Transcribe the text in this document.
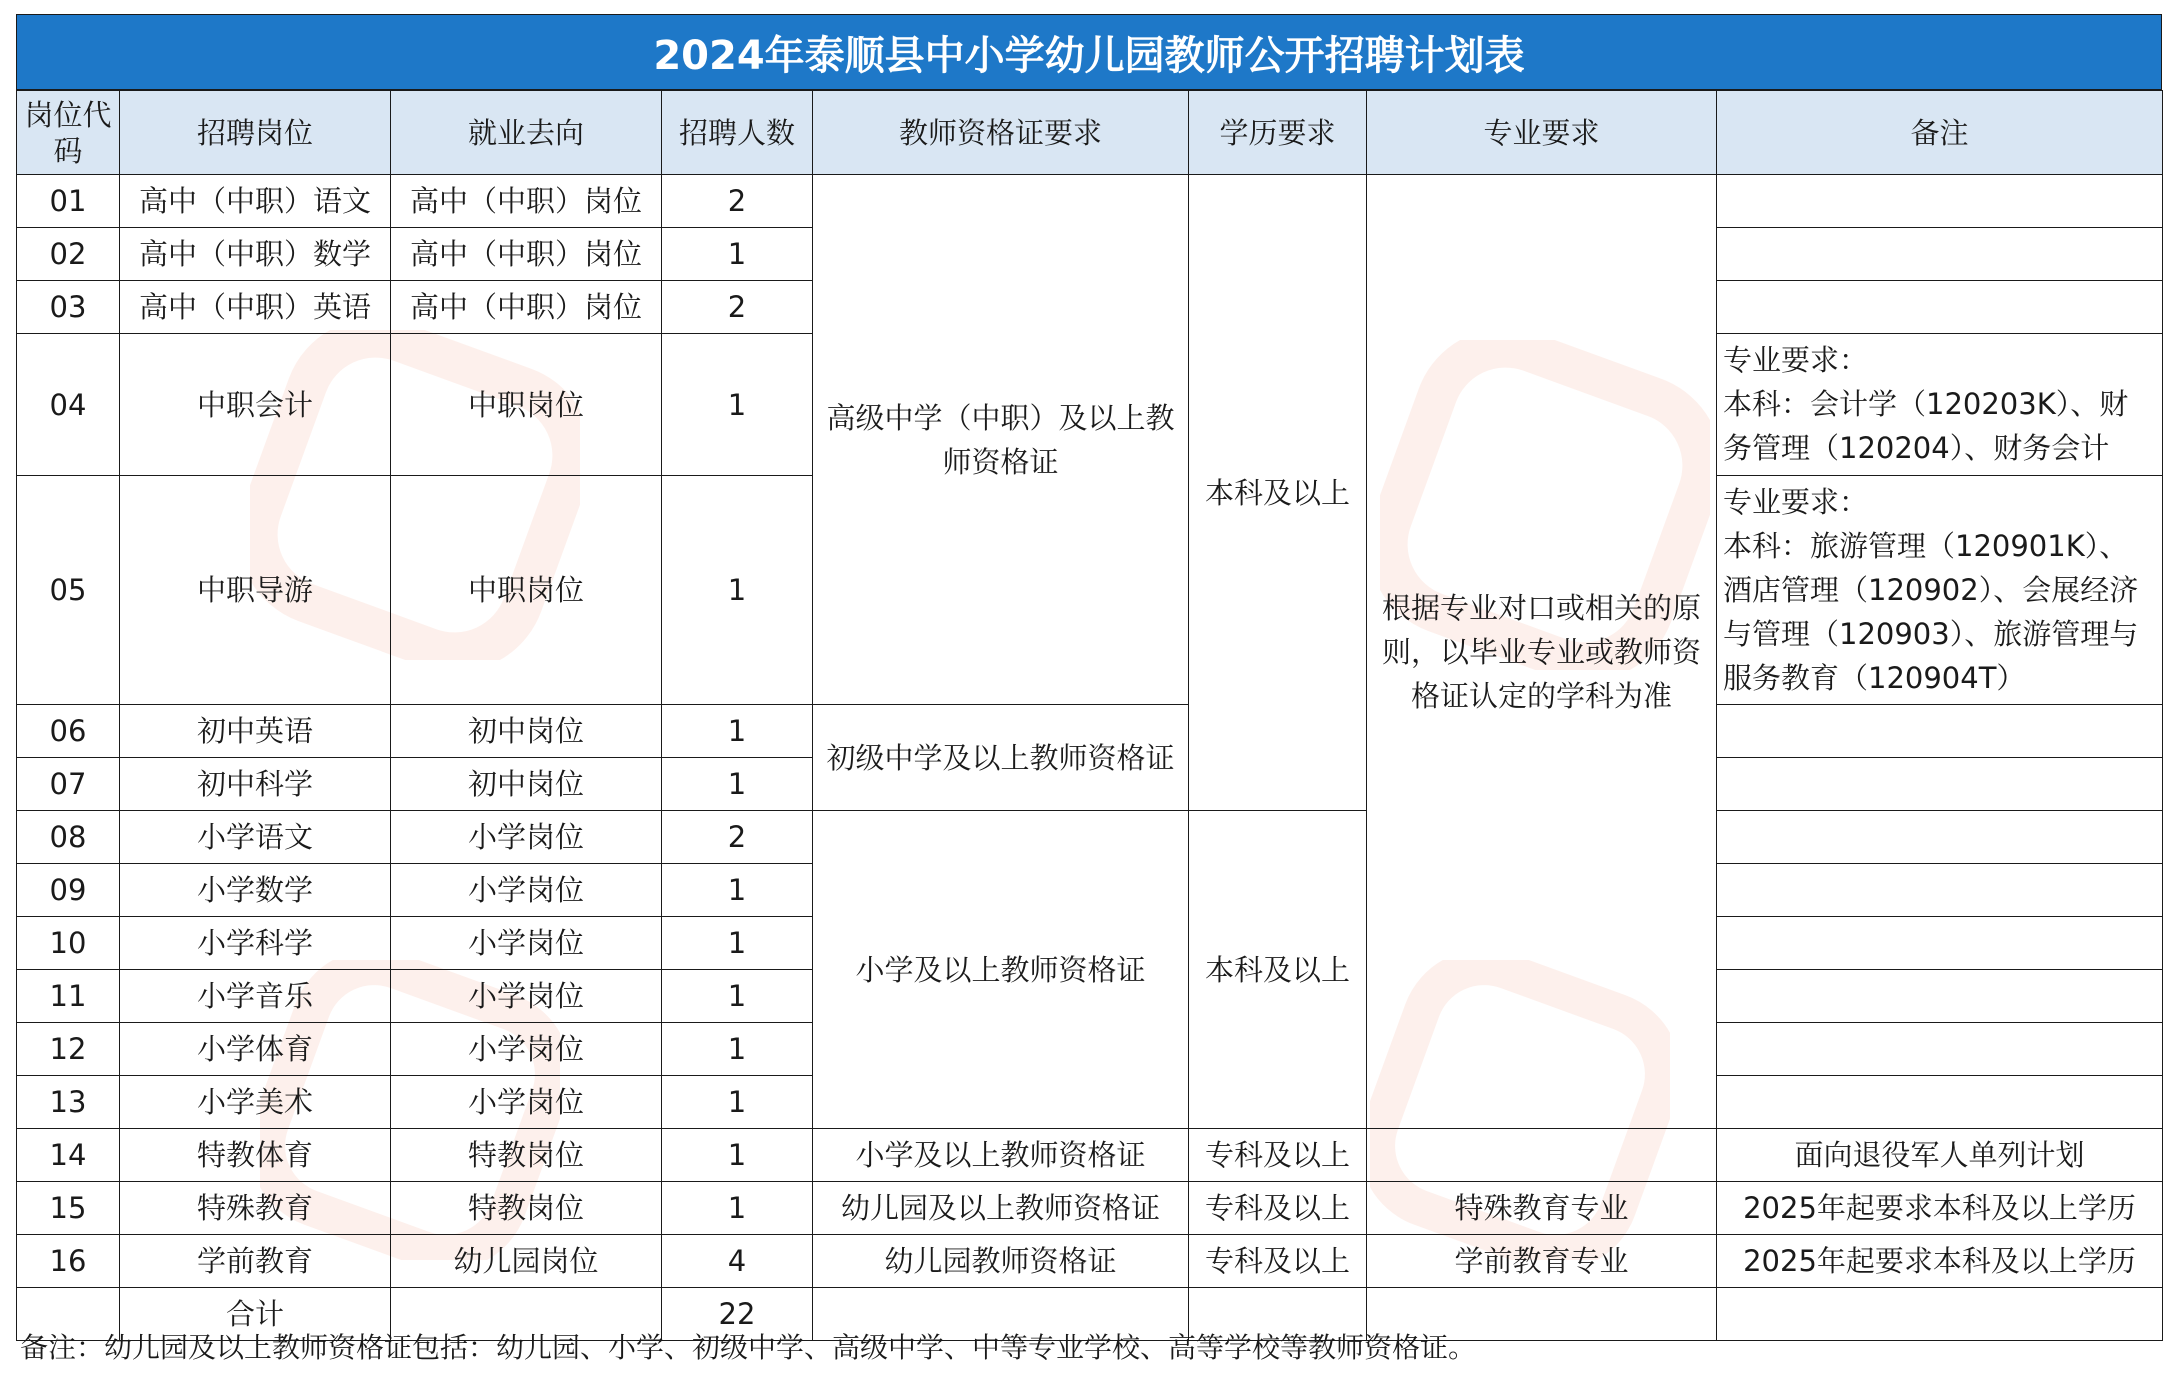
2024年泰顺县中小学幼儿园教师公开招聘计划表
岗位代码	招聘岗位	就业去向	招聘人数	教师资格证要求	学历要求	专业要求	备注
01	高中（中职）语文	高中（中职）岗位	2	高级中学（中职）及以上教师资格证	本科及以上	根据专业对口或相关的原则，以毕业专业或教师资格证认定的学科为准	
02	高中（中职）数学	高中（中职）岗位	1				
03	高中（中职）英语	高中（中职）岗位	2				
04	中职会计	中职岗位	1				专业要求：
本科：会计学（120203K）、财务管理（120204）、财务会计

05	中职导游	中职岗位	1				专业要求：
本科：旅游管理（120901K）、酒店管理（120902）、会展经济与管理（120903）、旅游管理与服务教育（120904T）

06	初中英语	初中岗位	1	初级中学及以上教师资格证			
07	初中科学	初中岗位	1				
08	小学语文	小学岗位	2	小学及以上教师资格证	本科及以上		
09	小学数学	小学岗位	1				
10	小学科学	小学岗位	1				
11	小学音乐	小学岗位	1				
12	小学体育	小学岗位	1				
13	小学美术	小学岗位	1				
14	特教体育	特教岗位	1	小学及以上教师资格证	专科及以上		面向退役军人单列计划
15	特殊教育	特教岗位	1	幼儿园及以上教师资格证	专科及以上	特殊教育专业	2025年起要求本科及以上学历
16	学前教育	幼儿园岗位	4	幼儿园教师资格证	专科及以上	学前教育专业	2025年起要求本科及以上学历
	合计		22				
备注：幼儿园及以上教师资格证包括：幼儿园、小学、初级中学、高级中学、中等专业学校、高等学校等教师资格证。
